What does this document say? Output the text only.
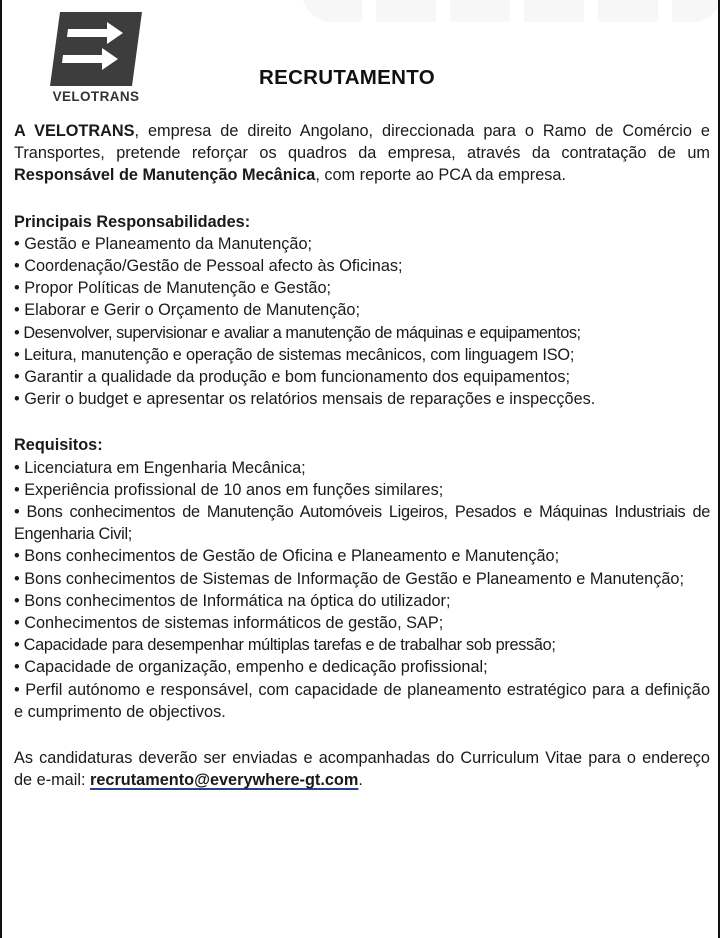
VELOTRANS
RECRUTAMENTO

A VELOTRANS, empresa de direito Angolano, direccionada para o Ramo de Comércio e Transportes, pretende reforçar os quadros da empresa, através da contratação de um Responsável de Manutenção Mecânica, com reporte ao PCA da empresa.

Principais Responsabilidades:
• Gestão e Planeamento da Manutenção;
• Coordenação/Gestão de Pessoal afecto às Oficinas;
• Propor Políticas de Manutenção e Gestão;
• Elaborar e Gerir o Orçamento de Manutenção;
• Desenvolver, supervisionar e avaliar a manutenção de máquinas e equipamentos;
• Leitura, manutenção e operação de sistemas mecânicos, com linguagem ISO;
• Garantir a qualidade da produção e bom funcionamento dos equipamentos;
• Gerir o budget e apresentar os relatórios mensais de reparações e inspecções.
Requisitos:
• Licenciatura em Engenharia Mecânica;
• Experiência profissional de 10 anos em funções similares;
• Bons conhecimentos de Manutenção Automóveis Ligeiros, Pesados e Máquinas Industriais de Engenharia Civil;
• Bons conhecimentos de Gestão de Oficina e Planeamento e Manutenção;
• Bons conhecimentos de Sistemas de Informação de Gestão e Planeamento e Manutenção;
• Bons conhecimentos de Informática na óptica do utilizador;
• Conhecimentos de sistemas informáticos de gestão, SAP;
• Capacidade para desempenhar múltiplas tarefas e de trabalhar sob pressão;
• Capacidade de organização, empenho e dedicação profissional;
• Perfil autónomo e responsável, com capacidade de planeamento estratégico para a definição e cumprimento de objectivos.

As candidaturas deverão ser enviadas e acompanhadas do Curriculum Vitae para o endereço de e-mail: recrutamento@everywhere-gt.com.
